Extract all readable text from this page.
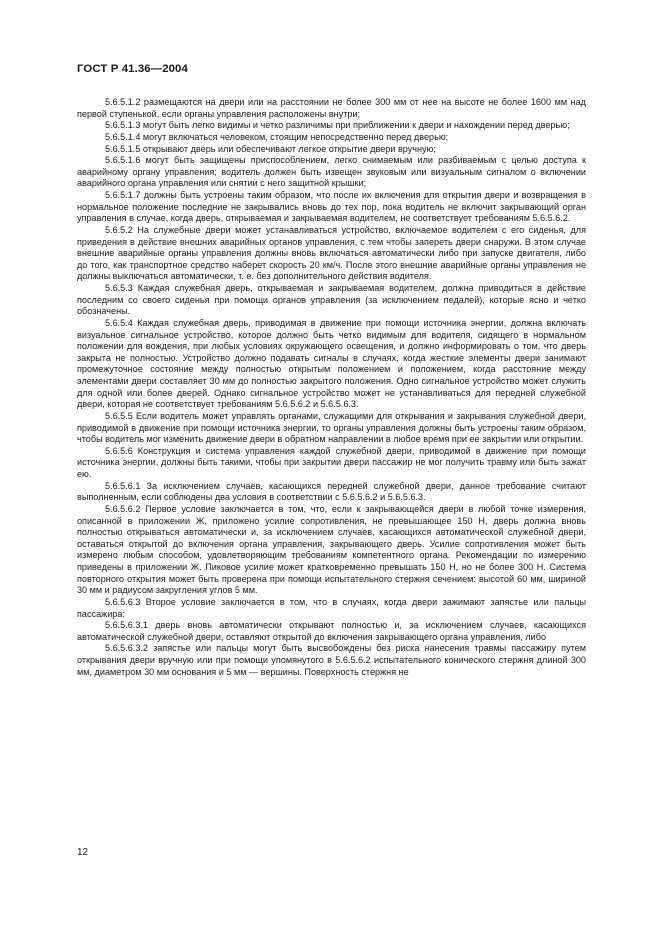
ГОСТ Р 41.36—2004

5.6.5.1.2 размещаются на двери или на расстоянии не более 300 мм от нее на высоте не более 1600 мм над первой ступенькой, если органы управления расположены внутри;

5.6.5.1.3 могут быть легко видимы и четко различимы при приближении к двери и нахождении перед дверью;

5.6.5.1.4 могут включаться человеком, стоящим непосредственно перед дверью;

5.6.5.1.5 открывают дверь или обеспечивают легкое открытие двери вручную;

5.6.5.1.6 могут быть защищены приспособлением, легко снимаемым или разбиваемым с целью доступа к аварийному органу управления; водитель должен быть извещен звуковым или визуальным сигналом о включении аварийного органа управления или снятии с него защитной крышки;

5.6.5.1.7 должны быть устроены таким образом, что после их включения для открытия двери и возвращения в нормальное положение последние не закрывались вновь до тех пор, пока водитель не включит закрывающий орган управления в случае, когда дверь, открываемая и закрываемая водителем, не соответствует требованиям 5.6.5.6.2.

5.6.5.2 На служебные двери может устанавливаться устройство, включаемое водителем с его сиденья, для приведения в действие внешних аварийных органов управления, с тем чтобы запереть двери снаружи. В этом случае внешние аварийные органы управления должны вновь включаться автоматически либо при запуске двигателя, либо до того, как транспортное средство наберет скорость 20 км/ч. После этого внешние аварийные органы управления не должны выключаться автоматически, т. е. без дополнительного действия водителя.

5.6.5.3 Каждая служебная дверь, открываемая и закрываемая водителем, должна приводиться в действие последним со своего сиденья при помощи органов управления (за исключением педалей), которые ясно и четко обозначены.

5.6.5.4 Каждая служебная дверь, приводимая в движение при помощи источника энергии, должна включать визуальное сигнальное устройство, которое должно быть четко видимым для водителя, сидящего в нормальном положении для вождения, при любых условиях окружающего освещения, и должно информировать о том, что дверь закрыта не полностью. Устройство должно подавать сигналы в случаях, когда жесткие элементы двери занимают промежуточное состояние между полностью открытым положением и положением, когда расстояние между элементами двери составляет 30 мм до полностью закрытого положения. Одно сигнальное устройство может служить для одной или более дверей. Однако сигнальное устройство может не устанавливаться для передней служебной двери, которая не соответствует требованиям 5.6.5.6.2 и 5.6.5.6.3.

5.6.5.5 Если водитель может управлять органами, служащими для открывания и закрывания служебной двери, приводимой в движение при помощи источника энергии, то органы управления должны быть устроены таким образом, чтобы водитель мог изменить движение двери в обратном направлении в любое время при ее закрытии или открытии.

5.6.5.6 Конструкция и система управления каждой служебной двери, приводимой в движение при помощи источника энергии, должны быть такими, чтобы при закрытии двери пассажир не мог получить травму или быть зажат ею.

5.6.5.6.1 За исключением случаев, касающихся передней служебной двери, данное требование считают выполненным, если соблюдены два условия в соответствии с 5.6.5.6.2 и 5.6.5.6.3.

5.6.5.6.2 Первое условие заключается в том, что, если к закрывающейся двери в любой точке измерения, описанной в приложении Ж, приложено усилие сопротивления, не превышающее 150 Н, дверь должна вновь полностью открываться автоматически и, за исключением случаев, касающихся автоматической служебной двери, оставаться открытой до включения органа управления, закрывающего дверь. Усилие сопротивления может быть измерено любым способом, удовлетворяющим требованиям компетентного органа. Рекомендации по измерению приведены в приложении Ж. Пиковое усилие может кратковременно превышать 150 Н, но не более 300 Н. Система повторного открытия может быть проверена при помощи испытательного стержня сечением: высотой 60 мм, шириной 30 мм и радиусом закругления углов 5 мм.

5.6.5.6.3 Второе условие заключается в том, что в случаях, когда двери зажимают запястье или пальцы пассажира:

5.6.5.6.3.1 дверь вновь автоматически открывают полностью и, за исключением случаев, касающихся автоматической служебной двери, оставляют открытой до включения закрывающего органа управления, либо

5.6.5.6.3.2 запястье или пальцы могут быть высвобождены без риска нанесения травмы пассажиру путем открывания двери вручную или при помощи упомянутого в 5.6.5.6.2 испытательного конического стержня длиной 300 мм, диаметром 30 мм основания и 5 мм — вершины. Поверхность стержня не

12
